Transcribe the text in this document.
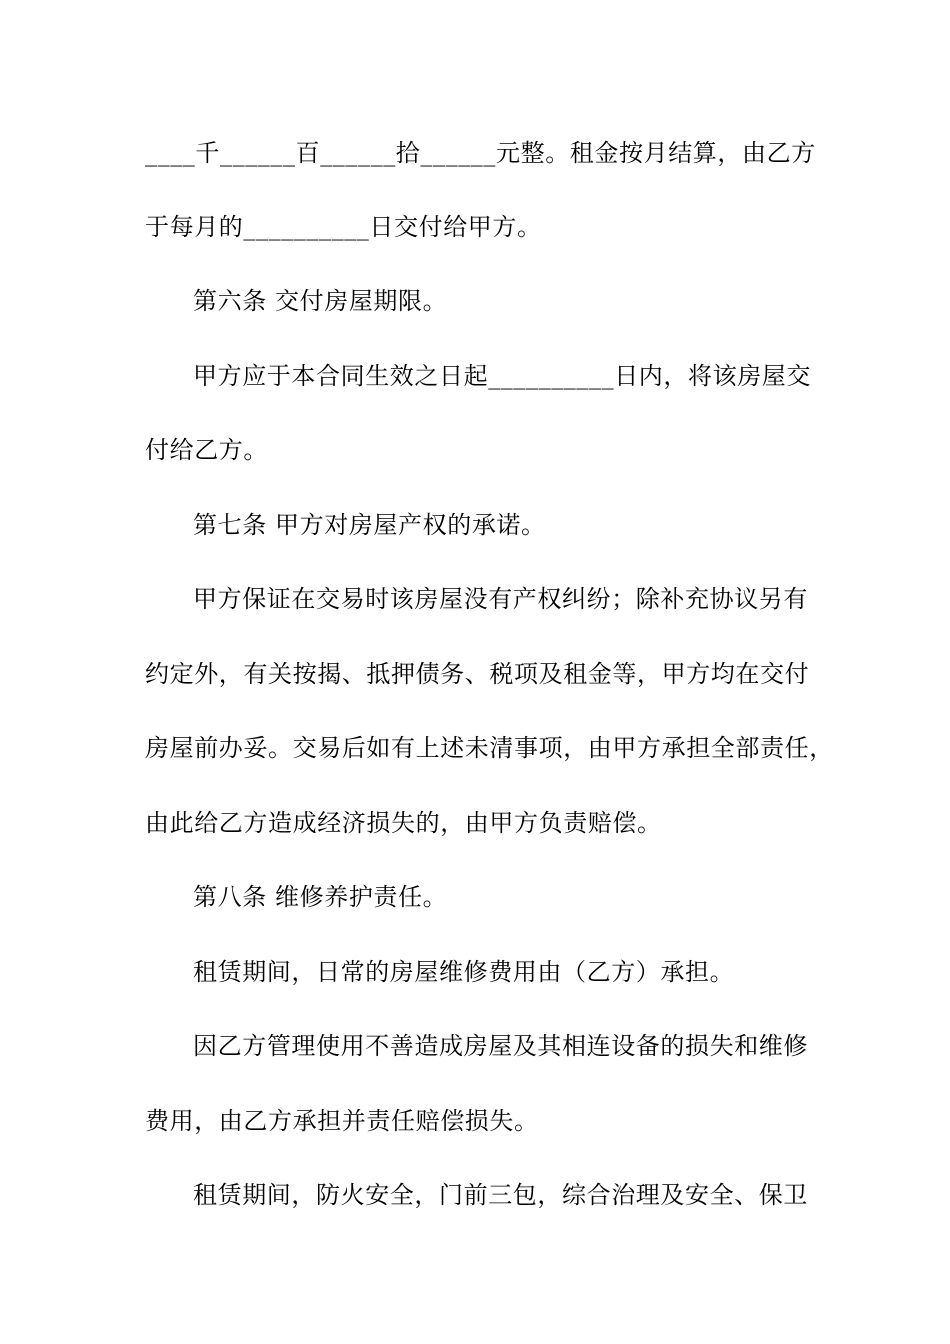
____千______百______拾______元整。租金按月结算，由乙方
于每月的__________日交付给甲方。
第六条 交付房屋期限。
甲方应于本合同生效之日起__________日内，将该房屋交
付给乙方。
第七条 甲方对房屋产权的承诺。
甲方保证在交易时该房屋没有产权纠纷；除补充协议另有
约定外，有关按揭、抵押债务、税项及租金等，甲方均在交付
房屋前办妥。交易后如有上述未清事项，由甲方承担全部责任，
由此给乙方造成经济损失的，由甲方负责赔偿。
第八条 维修养护责任。
租赁期间，日常的房屋维修费用由（乙方）承担。
因乙方管理使用不善造成房屋及其相连设备的损失和维修
费用，由乙方承担并责任赔偿损失。
租赁期间，防火安全，门前三包，综合治理及安全、保卫
